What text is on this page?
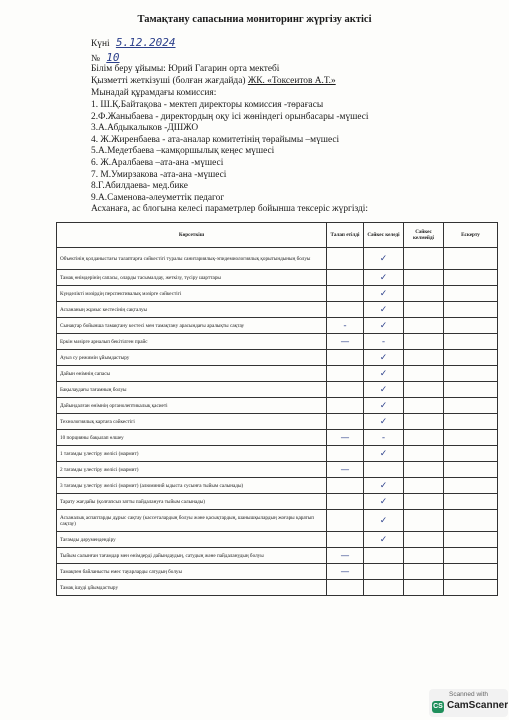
Тамақтану сапасыниа мониторинг жүргізу актісі
Күні 5.12.2024
№ 10
Білім беру ұйымы: Юрий Гагарин орта мектебі
Қызметті жеткізуші (болған жағдайда) ЖК. «Токсеитов А.Т.»
Мынадай құрамдағы комиссия:
1. Ш.Қ.Байтақова - мектеп директоры комиссия -төрағасы
2.Ф.Жаныбаева - директордың оқу ісі жөніндегі орынбасары -мүшесі
3.А.Абдыкалыков -ДШЖО
4. Ж.Жиренбаева - ата-аналар комитетінің төрайымы –мүшесі
5.А.Медетбаева –камқоршылық кеңес мүшесі
6. Ж.Аралбаева –ата-ана -мүшесі
7. М.Умирзакова -ата-ана -мүшесі
8.Г.Абилдаева- мед.бике
9.А.Саменова-әлеуметтік педагог
Асханаға, ас блогына келесі параметрлер бойынша тексеріс жүргізді:
Көрсеткіш	Талап етілді	Сәйкес келеді	Сәйкес келмейді	Ескерту
Объектінің қолданыстағы талаптарға сәйкестігі туралы санитариялық-эпидемиологиялық қорытындының болуы		✓		
Тамақ өнімдерінің сапасы, оларды тасымалдау, жеткізу, түсіру шарттары		✓		
Күнделікті мәзірдің перспективалық мәзірге сәйкестігі		✓		
Асхананың жұмыс кестесінің сақталуы		✓		
Сынақтар бойынша тамақтану кестесі мен тамақтану арасындағы аралықты сақтау	-	✓		
Еркін мәзірге арналып бекітілген прайс	—	-		
Ауыз су режимін ұйымдастыру		✓		
Дайын өнімнің сапасы		✓		
Бақылаудағы тағамның болуы		✓		
Дайындалған өнімнің органолептикалық қасиеті		✓		
Технологиялық картаға сәйкестігі		✓		
10 порцияны бақылап өлшеу	—	-		
1 тағамды үлестіру желісі (мармит)		✓		
2 тағамды үлестіру желісі (мармит)	—			
3 тағамды үлестіру желісі (мармит) (алюминий ыдыста сусынға тыйым салынады)		✓		
Тарату жағдайы (қолғапсыз затты пайдалануға тыйым салынады)		✓		
Асханалық аспаптарды дұрыс сақтау (кассеталардың болуы және қасықтардың, шанышқылардың жоғары қаратып сақтау)		✓		
Тағамды дәрумендендіру		✓		
Тыйым салынған тағамдар мен өнімдерді дайындаудың, сатудың және пайдаланудың болуы	—			
Тамақпен байланысты емес тауарларды сатудың болуы	—			
Тамақ ішуді ұйымдастыру				
Scanned with
CS CamScanner
